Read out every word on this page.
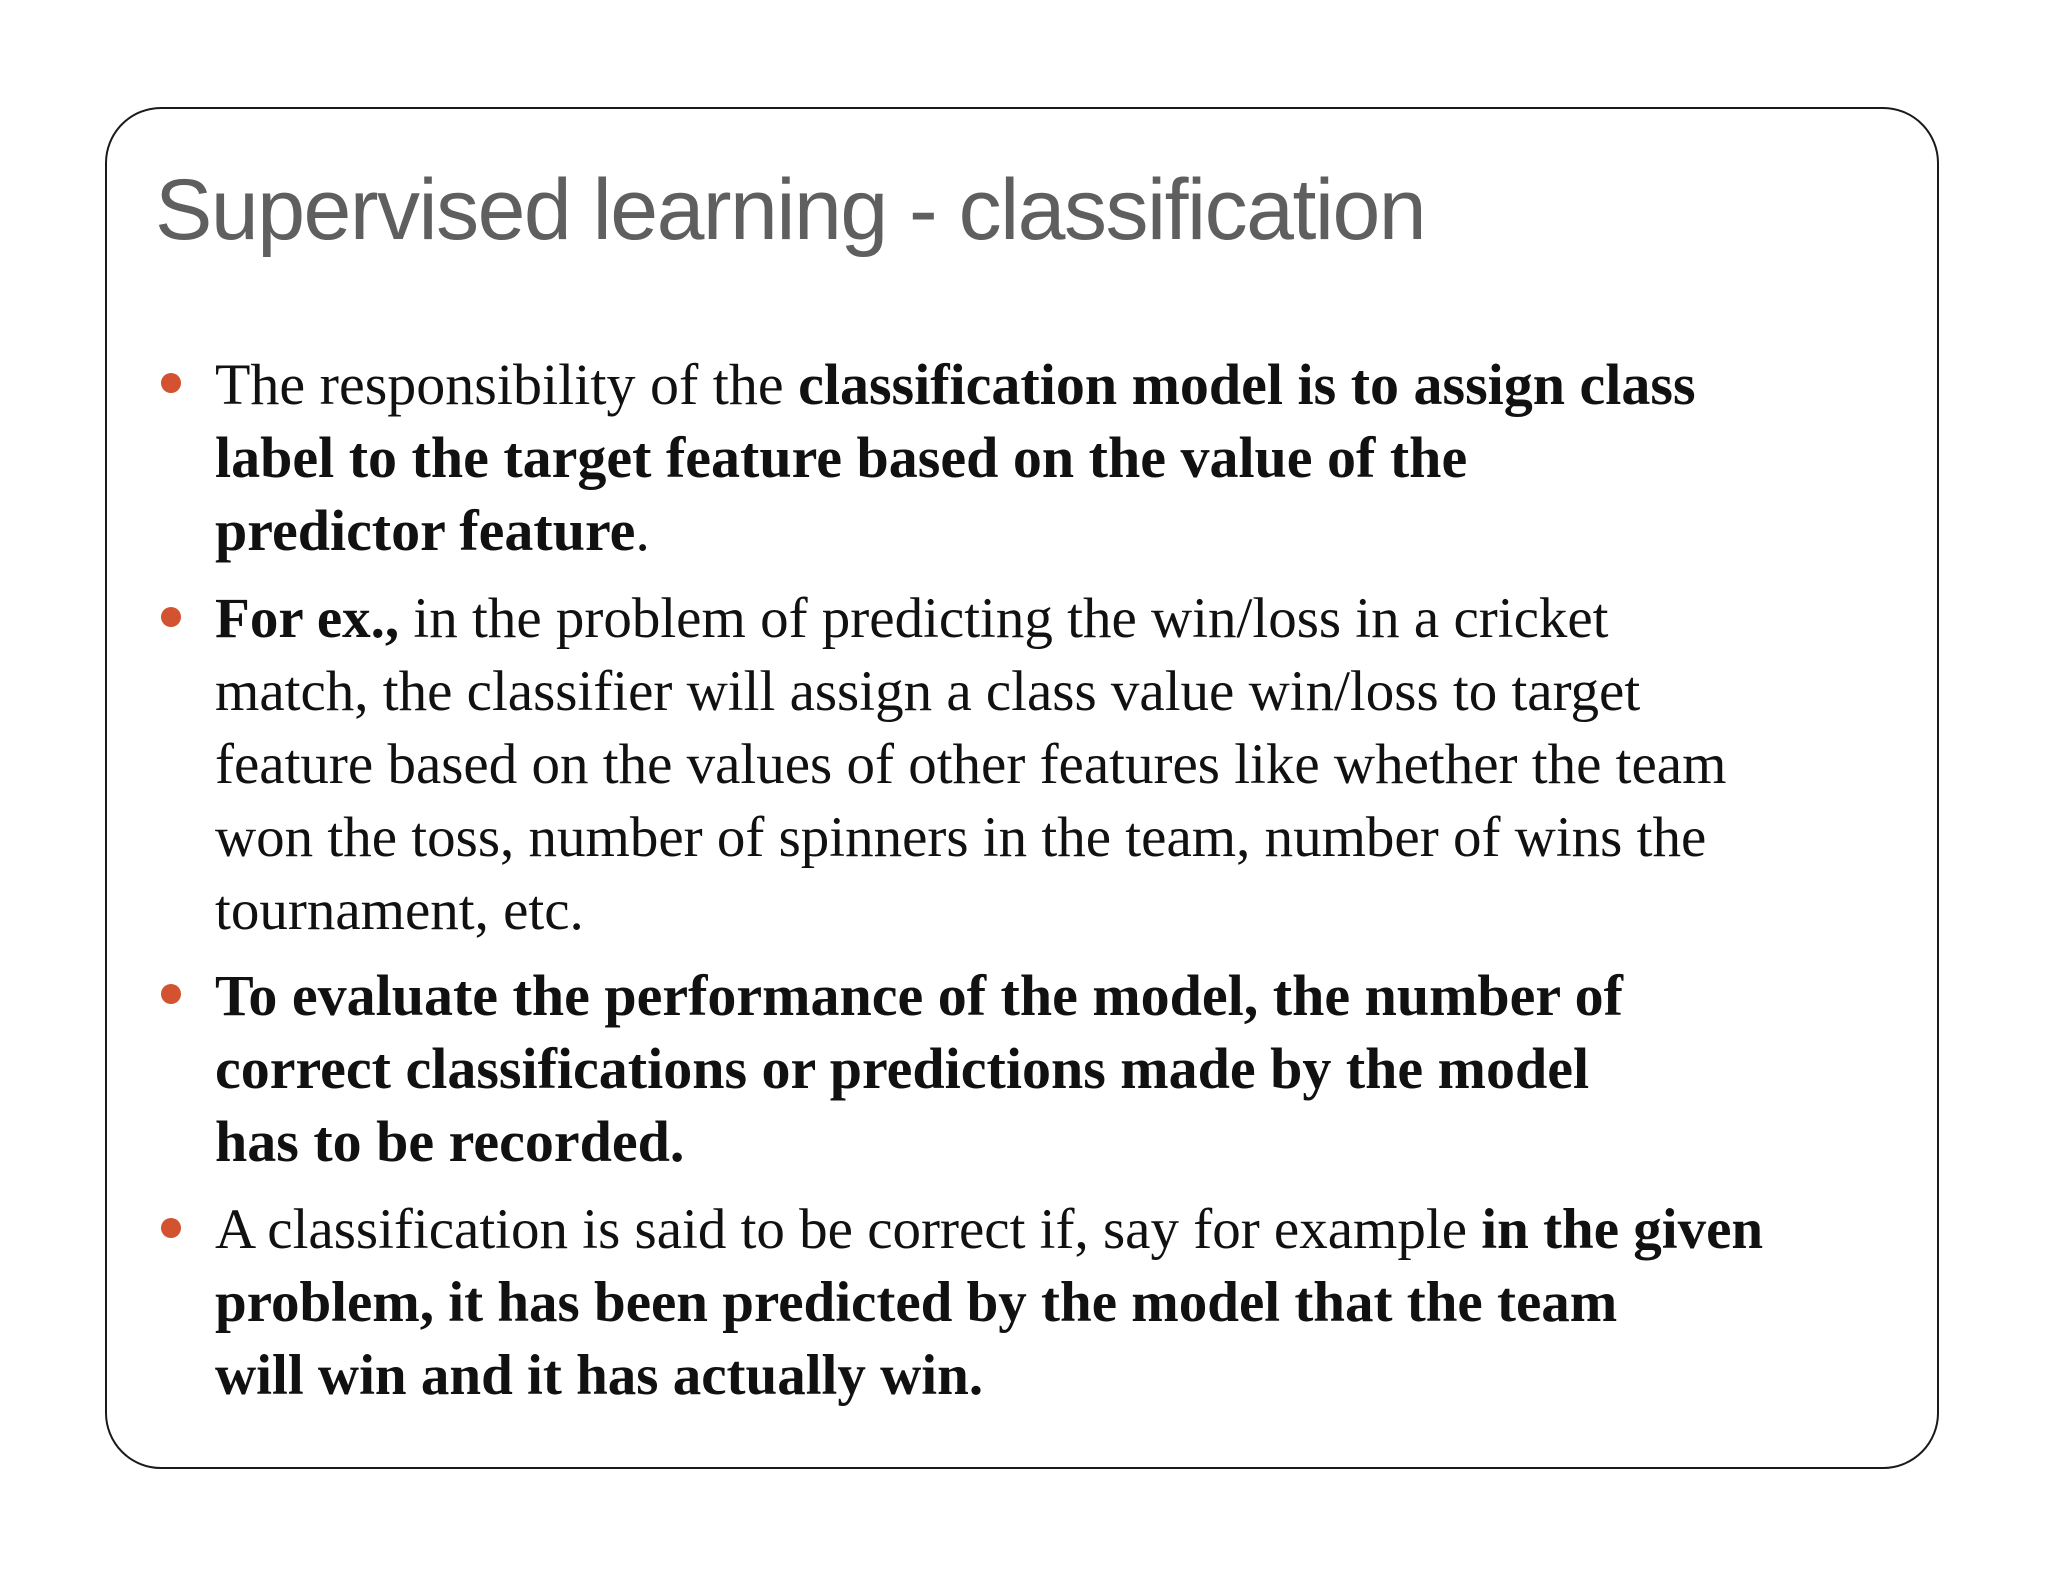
Supervised learning - classification
The responsibility of the classification model is to assign class
label to the target feature based on the value of the
predictor feature.
For ex., in the problem of predicting the win/loss in a cricket
match, the classifier will assign a class value win/loss to target
feature based on the values of other features like whether the team
won the toss, number of spinners in the team, number of wins the
tournament, etc.
To evaluate the performance of the model, the number of
correct classifications or predictions made by the model
has to be recorded.
A classification is said to be correct if, say for example in the given
problem, it has been predicted by the model that the team
will win and it has actually win.
